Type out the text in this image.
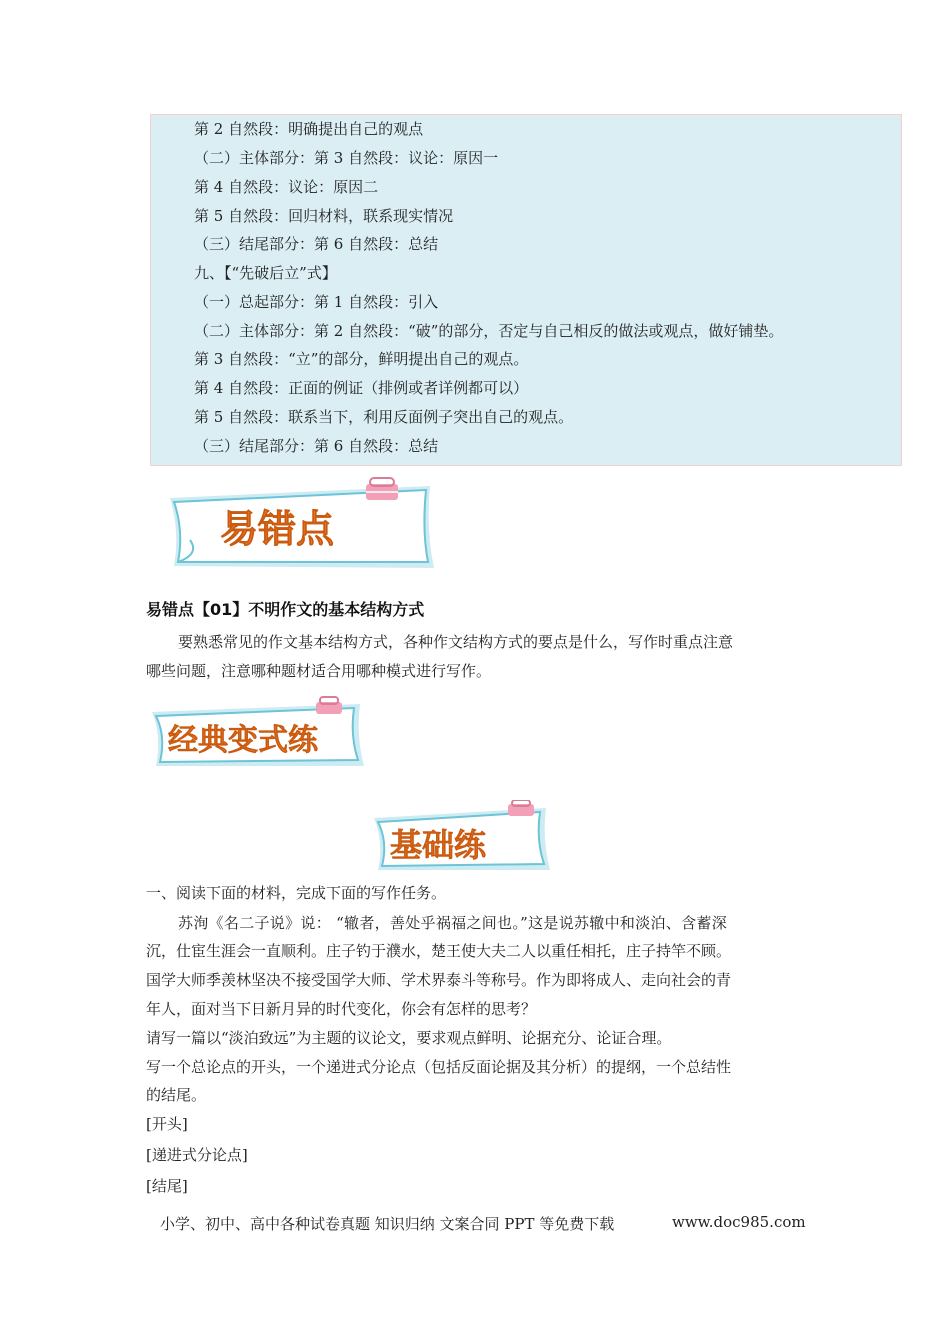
第 2 自然段：明确提出自己的观点
（二）主体部分：第 3 自然段：议论：原因一
第 4 自然段：议论：原因二
第 5 自然段：回归材料，联系现实情况
（三）结尾部分：第 6 自然段：总结
九、【“先破后立”式】
（一）总起部分：第 1 自然段：引入
（二）主体部分：第 2 自然段：“破”的部分，否定与自己相反的做法或观点，做好铺垫。
第 3 自然段：“立”的部分，鲜明提出自己的观点。
第 4 自然段：正面的例证（排例或者详例都可以）
第 5 自然段：联系当下，利用反面例子突出自己的观点。
（三）结尾部分：第 6 自然段：总结
易错点
易错点【01】不明作文的基本结构方式
要熟悉常见的作文基本结构方式，各种作文结构方式的要点是什么，写作时重点注意
哪些问题，注意哪种题材适合用哪种模式进行写作。
经典变式练
基础练
一、阅读下面的材料，完成下面的写作任务。
苏洵《名二子说》说： “辙者，善处乎祸福之间也。”这是说苏辙中和淡泊、含蓄深
沉，仕宦生涯会一直顺利。庄子钓于濮水，楚王使大夫二人以重任相托，庄子持竿不顾。
国学大师季羡林坚决不接受国学大师、学术界泰斗等称号。作为即将成人、走向社会的青
年人，面对当下日新月异的时代变化，你会有怎样的思考？
请写一篇以“淡泊致远”为主题的议论文，要求观点鲜明、论据充分、论证合理。
写一个总论点的开头，一个递进式分论点（包括反面论据及其分析）的提纲，一个总结性
的结尾。
[开头]
[递进式分论点]
[结尾]
小学、初中、高中各种试卷真题 知识归纳 文案合同 PPT 等免费下载	www.doc985.com
